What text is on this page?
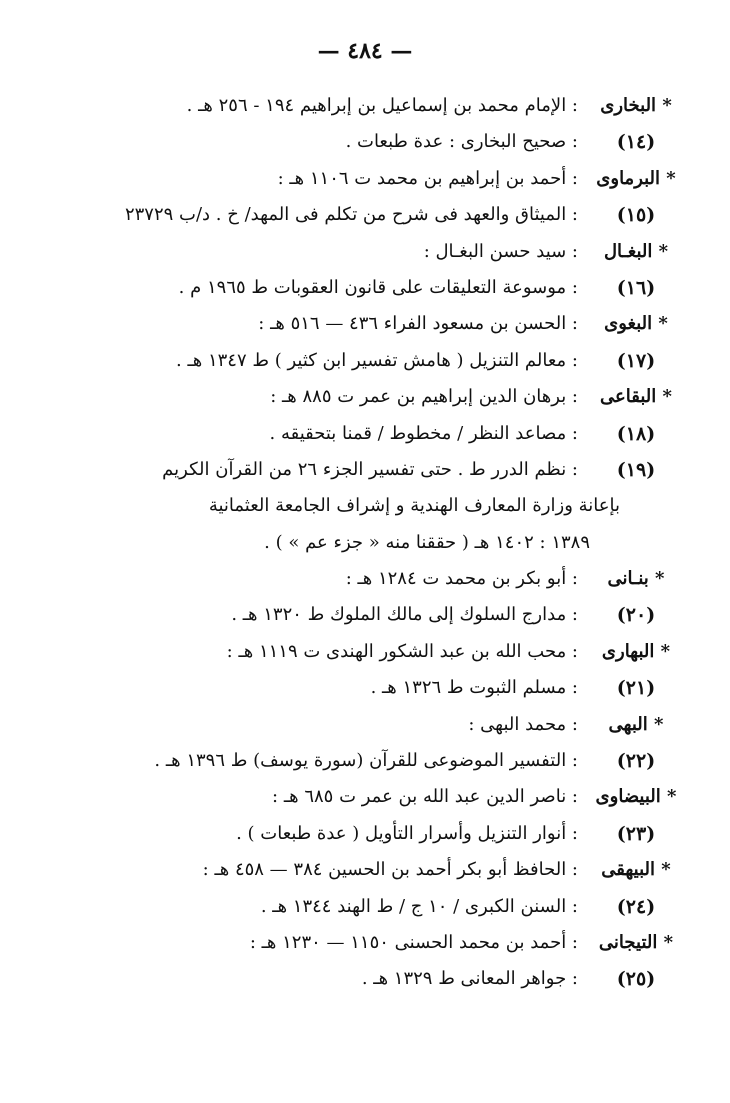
— ٤٨٤ —
* البخارى
: الإمام محمد بن إسماعيل بن إبراهيم ١٩٤ - ٢٥٦ هـ .
(١٤)
: صحيح البخارى : عدة طبعات .
* البرماوى
: أحمد بن إبراهيم بن محمد ت ١١٠٦ هـ :
(١٥)
: الميثاق والعهد فى شرح من تكلم فى المهد/ خ . د/ب ٢٣٧٢٩
* البغـال
: سيد حسن البغـال :
(١٦)
: موسوعة التعليقات على قانون العقوبات ط ١٩٦٥ م .
* البغوى
: الحسن بن مسعود الفراء ٤٣٦ — ٥١٦ هـ :
(١٧)
: معالم التنزيل ( هامش تفسير ابن كثير ) ط ١٣٤٧ هـ .
* البقاعى
: برهان الدين إبراهيم بن عمر ت ٨٨٥ هـ :
(١٨)
: مصاعد النظر / مخطوط / قمنا بتحقيقه .
(١٩)
: نظم الدرر ط . حتى تفسير الجزء ٢٦ من القرآن الكريم
بإعانة وزارة المعارف الهندية و إشراف الجامعة العثمانية
١٣٨٩ : ١٤٠٢ هـ ( حققنا منه « جزء عم » ) .
* بنـانى
: أبو بكر بن محمد ت ١٢٨٤ هـ :
(٢٠)
: مدارج السلوك إلى مالك الملوك ط ١٣٢٠ هـ .
* البهارى
: محب الله بن عبد الشكور الهندى ت ١١١٩ هـ :
(٢١)
: مسلم الثبوت ط ١٣٢٦ هـ .
* البهى
: محمد البهى :
(٢٢)
: التفسير الموضوعى للقرآن (سورة يوسف) ط ١٣٩٦ هـ .
* البيضاوى
: ناصر الدين عبد الله بن عمر ت ٦٨٥ هـ :
(٢٣)
: أنوار التنزيل وأسرار التأويل ( عدة طبعات ) .
* البيهقى
: الحافظ أبو بكر أحمد بن الحسين ٣٨٤ — ٤٥٨ هـ :
(٢٤)
: السنن الكبرى / ١٠ ج / ط الهند ١٣٤٤ هـ .
* التيجانى
: أحمد بن محمد الحسنى ١١٥٠ — ١٢٣٠ هـ :
(٢٥)
: جواهر المعانى ط ١٣٢٩ هـ .
